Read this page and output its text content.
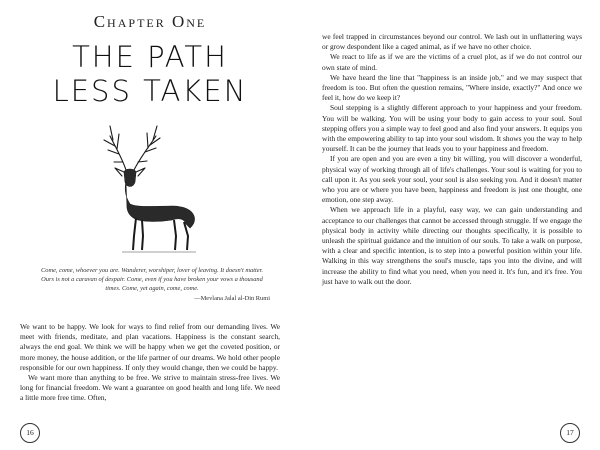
Chapter One
THE PATH
LESS TAKEN
Come, come, whoever you are. Wanderer, worshiper, lover of leaving. It doesn't matter. Ours is not a caravan of despair. Come, even if you have broken your vows a thousand times. Come, yet again, come, come.
—Mevlana Jalal al-Din Rumi

We want to be happy. We look for ways to find relief from our demanding lives. We meet with friends, meditate, and plan vacations. Happiness is the constant search, always the end goal. We think we will be happy when we get the coveted position, or more money, the house addition, or the life partner of our dreams. We hold other people responsible for our own happiness. If only they would change, then we could be happy.

We want more than anything to be free. We strive to maintain stress-free lives. We long for financial freedom. We want a guarantee on good health and long life. We need a little more free time. Often,

16

we feel trapped in circumstances beyond our control. We lash out in unflattering ways or grow despondent like a caged animal, as if we have no other choice.

We react to life as if we are the victims of a cruel plot, as if we do not control our own state of mind.

We have heard the line that "happiness is an inside job," and we may suspect that freedom is too. But often the question remains, "Where inside, exactly?" And once we feel it, how do we keep it?

Soul stepping is a slightly different approach to your happiness and your freedom. You will be walking. You will be using your body to gain access to your soul. Soul stepping offers you a simple way to feel good and also find your answers. It equips you with the empowering ability to tap into your soul wisdom. It shows you the way to help yourself. It can be the journey that leads you to your happiness and freedom.

If you are open and you are even a tiny bit willing, you will discover a wonderful, physical way of working through all of life's challenges. Your soul is waiting for you to call upon it. As you seek your soul, your soul is also seeking you. And it doesn't matter who you are or where you have been, happiness and freedom is just one thought, one emotion, one step away.

When we approach life in a playful, easy way, we can gain understanding and acceptance to our challenges that cannot be accessed through struggle. If we engage the physical body in activity while directing our thoughts specifically, it is possible to unleash the spiritual guidance and the intuition of our souls. To take a walk on purpose, with a clear and specific intention, is to step into a powerful position within your life. Walking in this way strengthens the soul's muscle, taps you into the divine, and will increase the ability to find what you need, when you need it. It's fun, and it's free. You just have to walk out the door.

17
